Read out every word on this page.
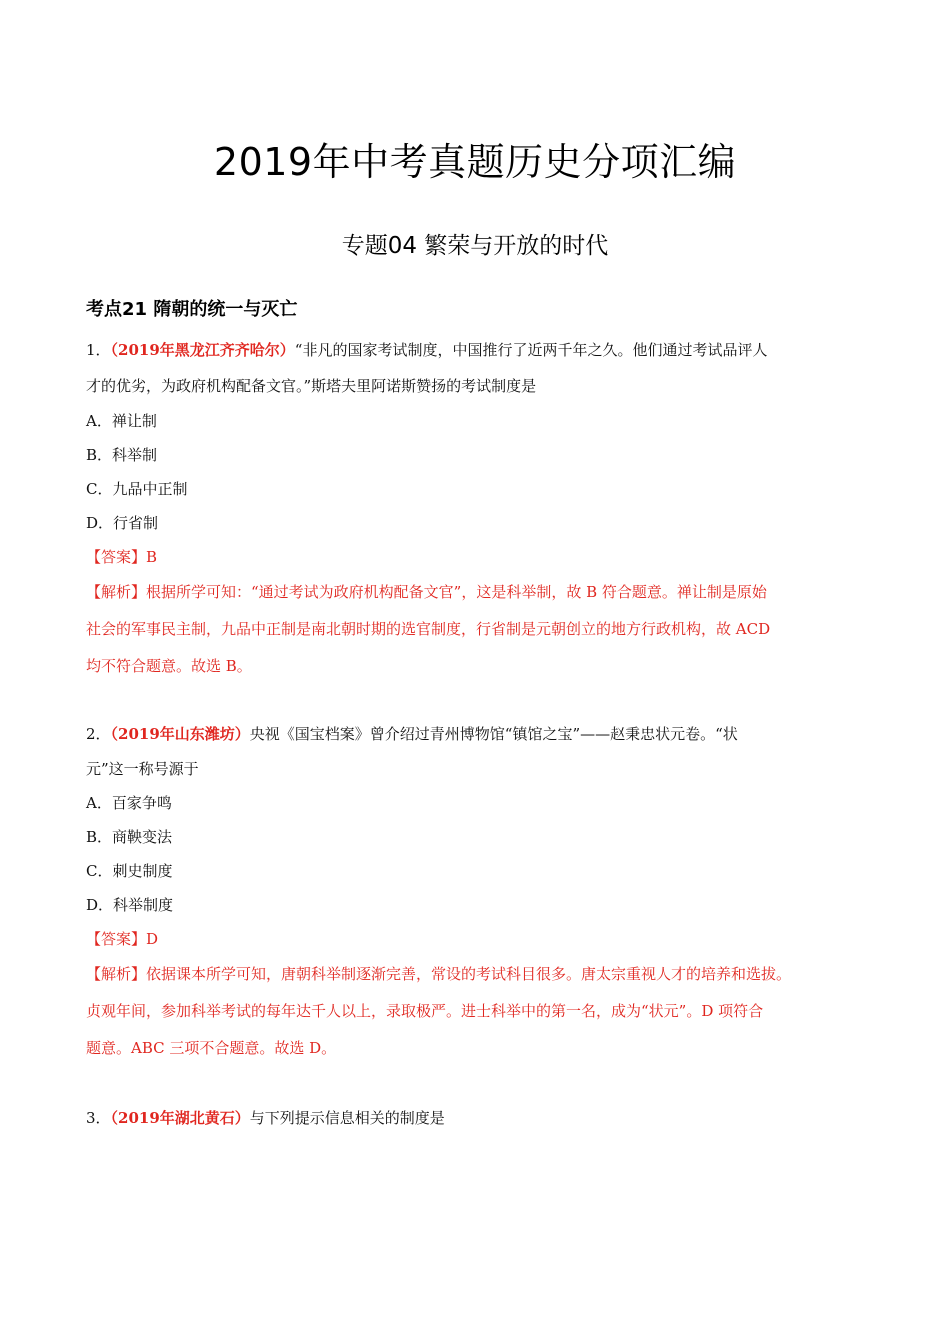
2019年中考真题历史分项汇编
专题04 繁荣与开放的时代
考点21 隋朝的统一与灭亡

1．（2019年黑龙江齐齐哈尔）“非凡的国家考试制度，中国推行了近两千年之久。他们通过考试品评人

才的优劣，为政府机构配备文官。”斯塔夫里阿诺斯赞扬的考试制度是

A．禅让制

B．科举制

C．九品中正制

D．行省制

【答案】B

【解析】根据所学可知：“通过考试为政府机构配备文官”，这是科举制，故 B 符合题意。禅让制是原始

社会的军事民主制，九品中正制是南北朝时期的选官制度，行省制是元朝创立的地方行政机构，故 ACD

均不符合题意。故选 B。

2．（2019年山东潍坊）央视《国宝档案》曾介绍过青州博物馆“镇馆之宝”——赵秉忠状元卷。“状

元”这一称号源于

A．百家争鸣

B．商鞅变法

C．刺史制度

D．科举制度

【答案】D

【解析】依据课本所学可知，唐朝科举制逐渐完善，常设的考试科目很多。唐太宗重视人才的培养和选拔。

贞观年间，参加科举考试的每年达千人以上，录取极严。进士科举中的第一名，成为“状元”。D 项符合

题意。ABC 三项不合题意。故选 D。

3．（2019年湖北黄石）与下列提示信息相关的制度是
